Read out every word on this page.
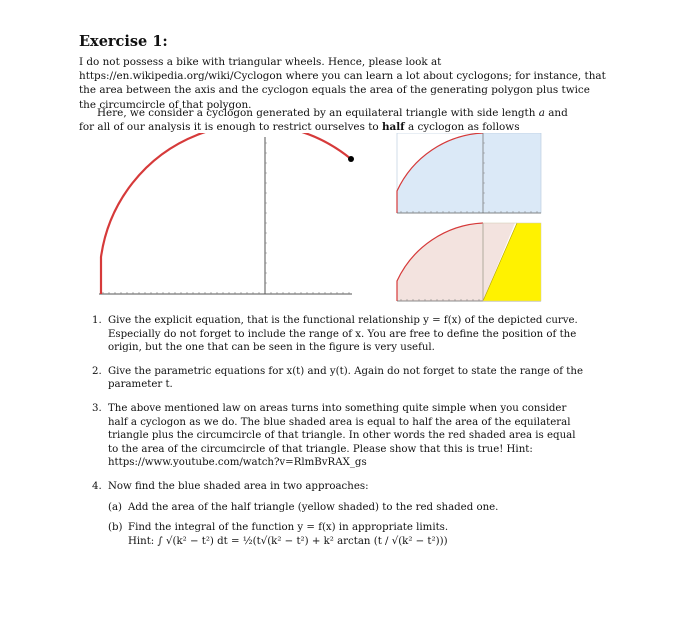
Exercise 1:
I do not possess a bike with triangular wheels. Hence, please look at https://en.wikipedia.org/wiki/Cyclogon where you can learn a lot about cyclogons; for instance, that the area between the axis and the cyclogon equals the area of the generating polygon plus twice the circumcircle of that polygon.
Here, we consider a cyclogon generated by an equilateral triangle with side length a and for all of our analysis it is enough to restrict ourselves to half a cyclogon as follows
1. Give the explicit equation, that is the functional relationship y = f(x) of the depicted curve. Especially do not forget to include the range of x. You are free to define the position of the origin, but the one that can be seen in the figure is very useful.
2. Give the parametric equations for x(t) and y(t). Again do not forget to state the range of the parameter t.
3. The above mentioned law on areas turns into something quite simple when you consider half a cyclogon as we do. The blue shaded area is equal to half the area of the equilateral triangle plus the circumcircle of that triangle. In other words the red shaded area is equal to the area of the circumcircle of that triangle. Please show that this is true! Hint: https://www.youtube.com/watch?v=RlmBvRAX_gs
4. Now find the blue shaded area in two approaches:
(a) Add the area of the half triangle (yellow shaded) to the red shaded one.
(b) Find the integral of the function y = f(x) in appropriate limits.
Hint: ∫ √(k² − t²) dt = ½(t√(k² − t²) + k² arctan (t / √(k² − t²)))
